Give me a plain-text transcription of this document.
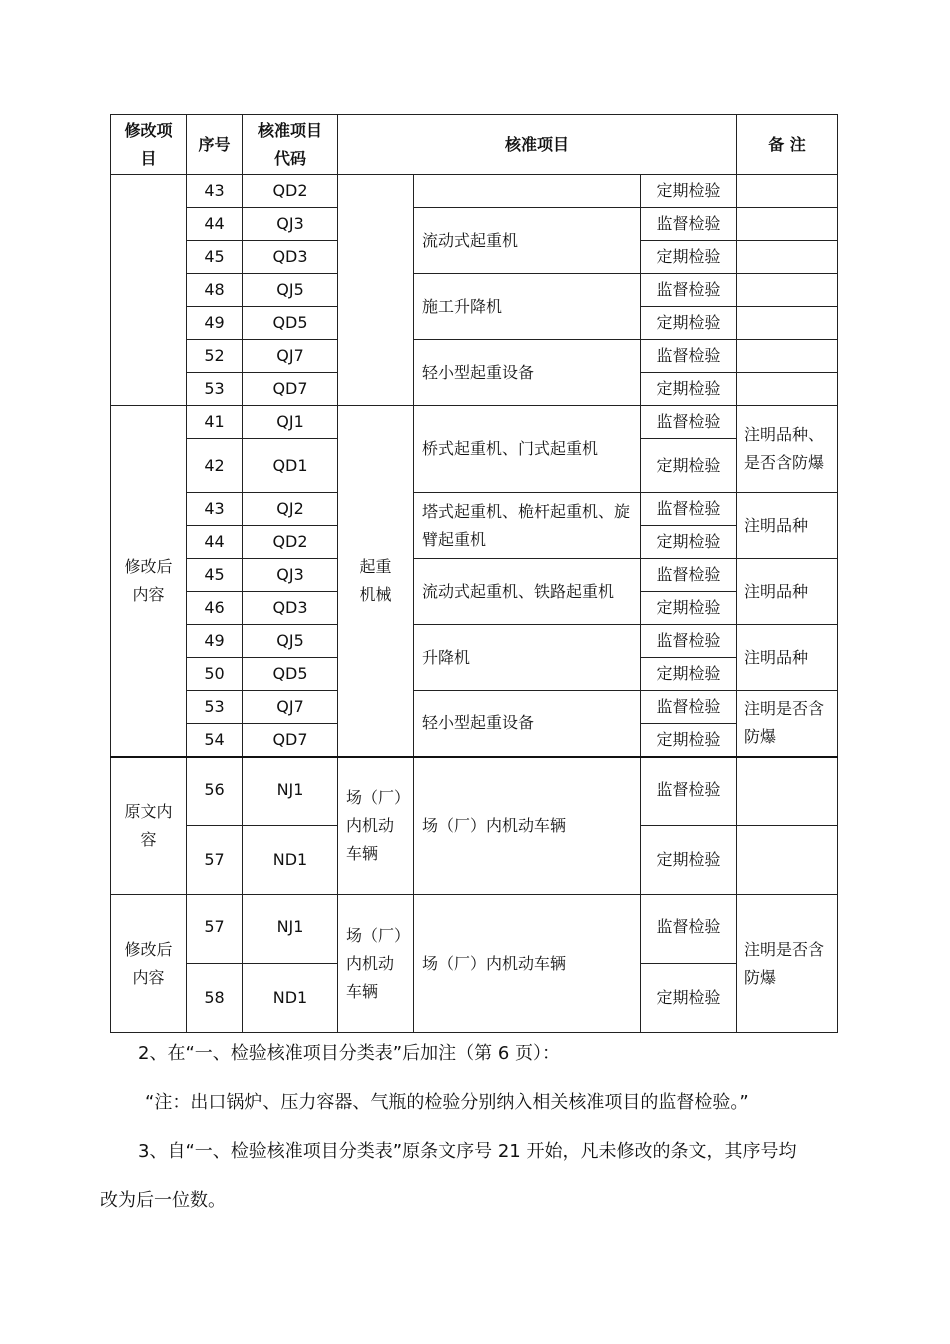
修改项目	序号	核准项目代码	核准项目			备 注
	43	QD2			定期检验	
	44	QJ3		流动式起重机	监督检验	
	45	QD3			定期检验	
	48	QJ5		施工升降机	监督检验	
	49	QD5			定期检验	
	52	QJ7		轻小型起重设备	监督检验	
	53	QD7			定期检验	
修改后内容	41	QJ1	起重机械	桥式起重机、门式起重机	监督检验	注明品种、是否含防爆
	42	QD1			定期检验	
	43	QJ2		塔式起重机、桅杆起重机、旋臂起重机	监督检验	注明品种
	44	QD2			定期检验	
	45	QJ3		流动式起重机、铁路起重机	监督检验	注明品种
	46	QD3			定期检验	
	49	QJ5		升降机	监督检验	注明品种
	50	QD5			定期检验	
	53	QJ7		轻小型起重设备	监督检验	注明是否含防爆
	54	QD7			定期检验	
原文内容	56	NJ1	场（厂）内机动车辆	场（厂）内机动车辆	监督检验	
	57	ND1			定期检验	
修改后内容	57	NJ1	场（厂）内机动车辆	场（厂）内机动车辆	监督检验	注明是否含防爆
	58	ND1			定期检验	
2、在“一、检验核准项目分类表”后加注（第 6 页）：
“注：出口锅炉、压力容器、气瓶的检验分别纳入相关核准项目的监督检验。”
3、自“一、检验核准项目分类表”原条文序号 21 开始，凡未修改的条文，其序号均
改为后一位数。
